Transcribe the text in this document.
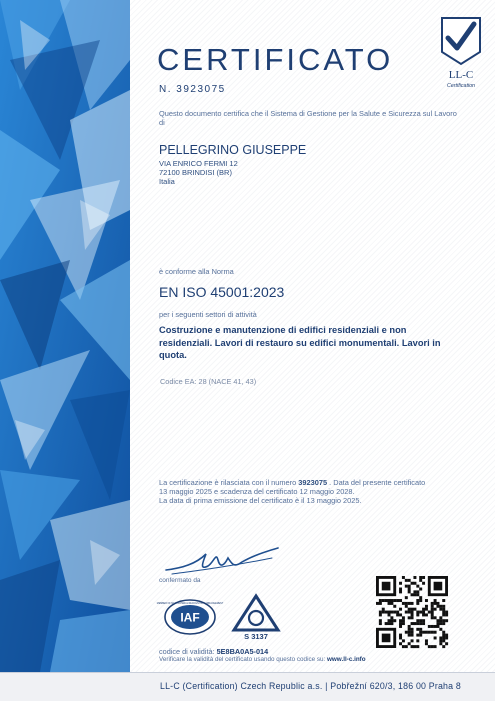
LL-C
Certification
CERTIFICATO
N. 3923075
Questo documento certifica che il Sistema di Gestione per la Salute e Sicurezza sul Lavoro di
PELLEGRINO GIUSEPPE
VIA ENRICO FERMI 12
72100 BRINDISI (BR)
Italia
è conforme alla Norma
EN ISO 45001:2023
per i seguenti settori di attività
Costruzione e manutenzione di edifici residenziali e non residenziali. Lavori di restauro su edifici monumentali. Lavori in quota.
Codice EA: 28 (NACE 41, 43)
La certificazione è rilasciata con il numero 3923075 . Data del presente certificato
13 maggio 2025 e scadenza del certificato 12 maggio 2028.
La data di prima emissione del certificato è il 13 maggio 2025.
confermato da
IAF
MEMBER OF MULTILATERAL RECOGNITION ARRANGEMENT
S 3137
codice di validità: 5E8BA0A5-014
Verificare la validità del certificato usando questo codice su: www.ll-c.info
LL-C (Certification) Czech Republic a.s. | Pobřežní 620/3, 186 00 Praha 8
